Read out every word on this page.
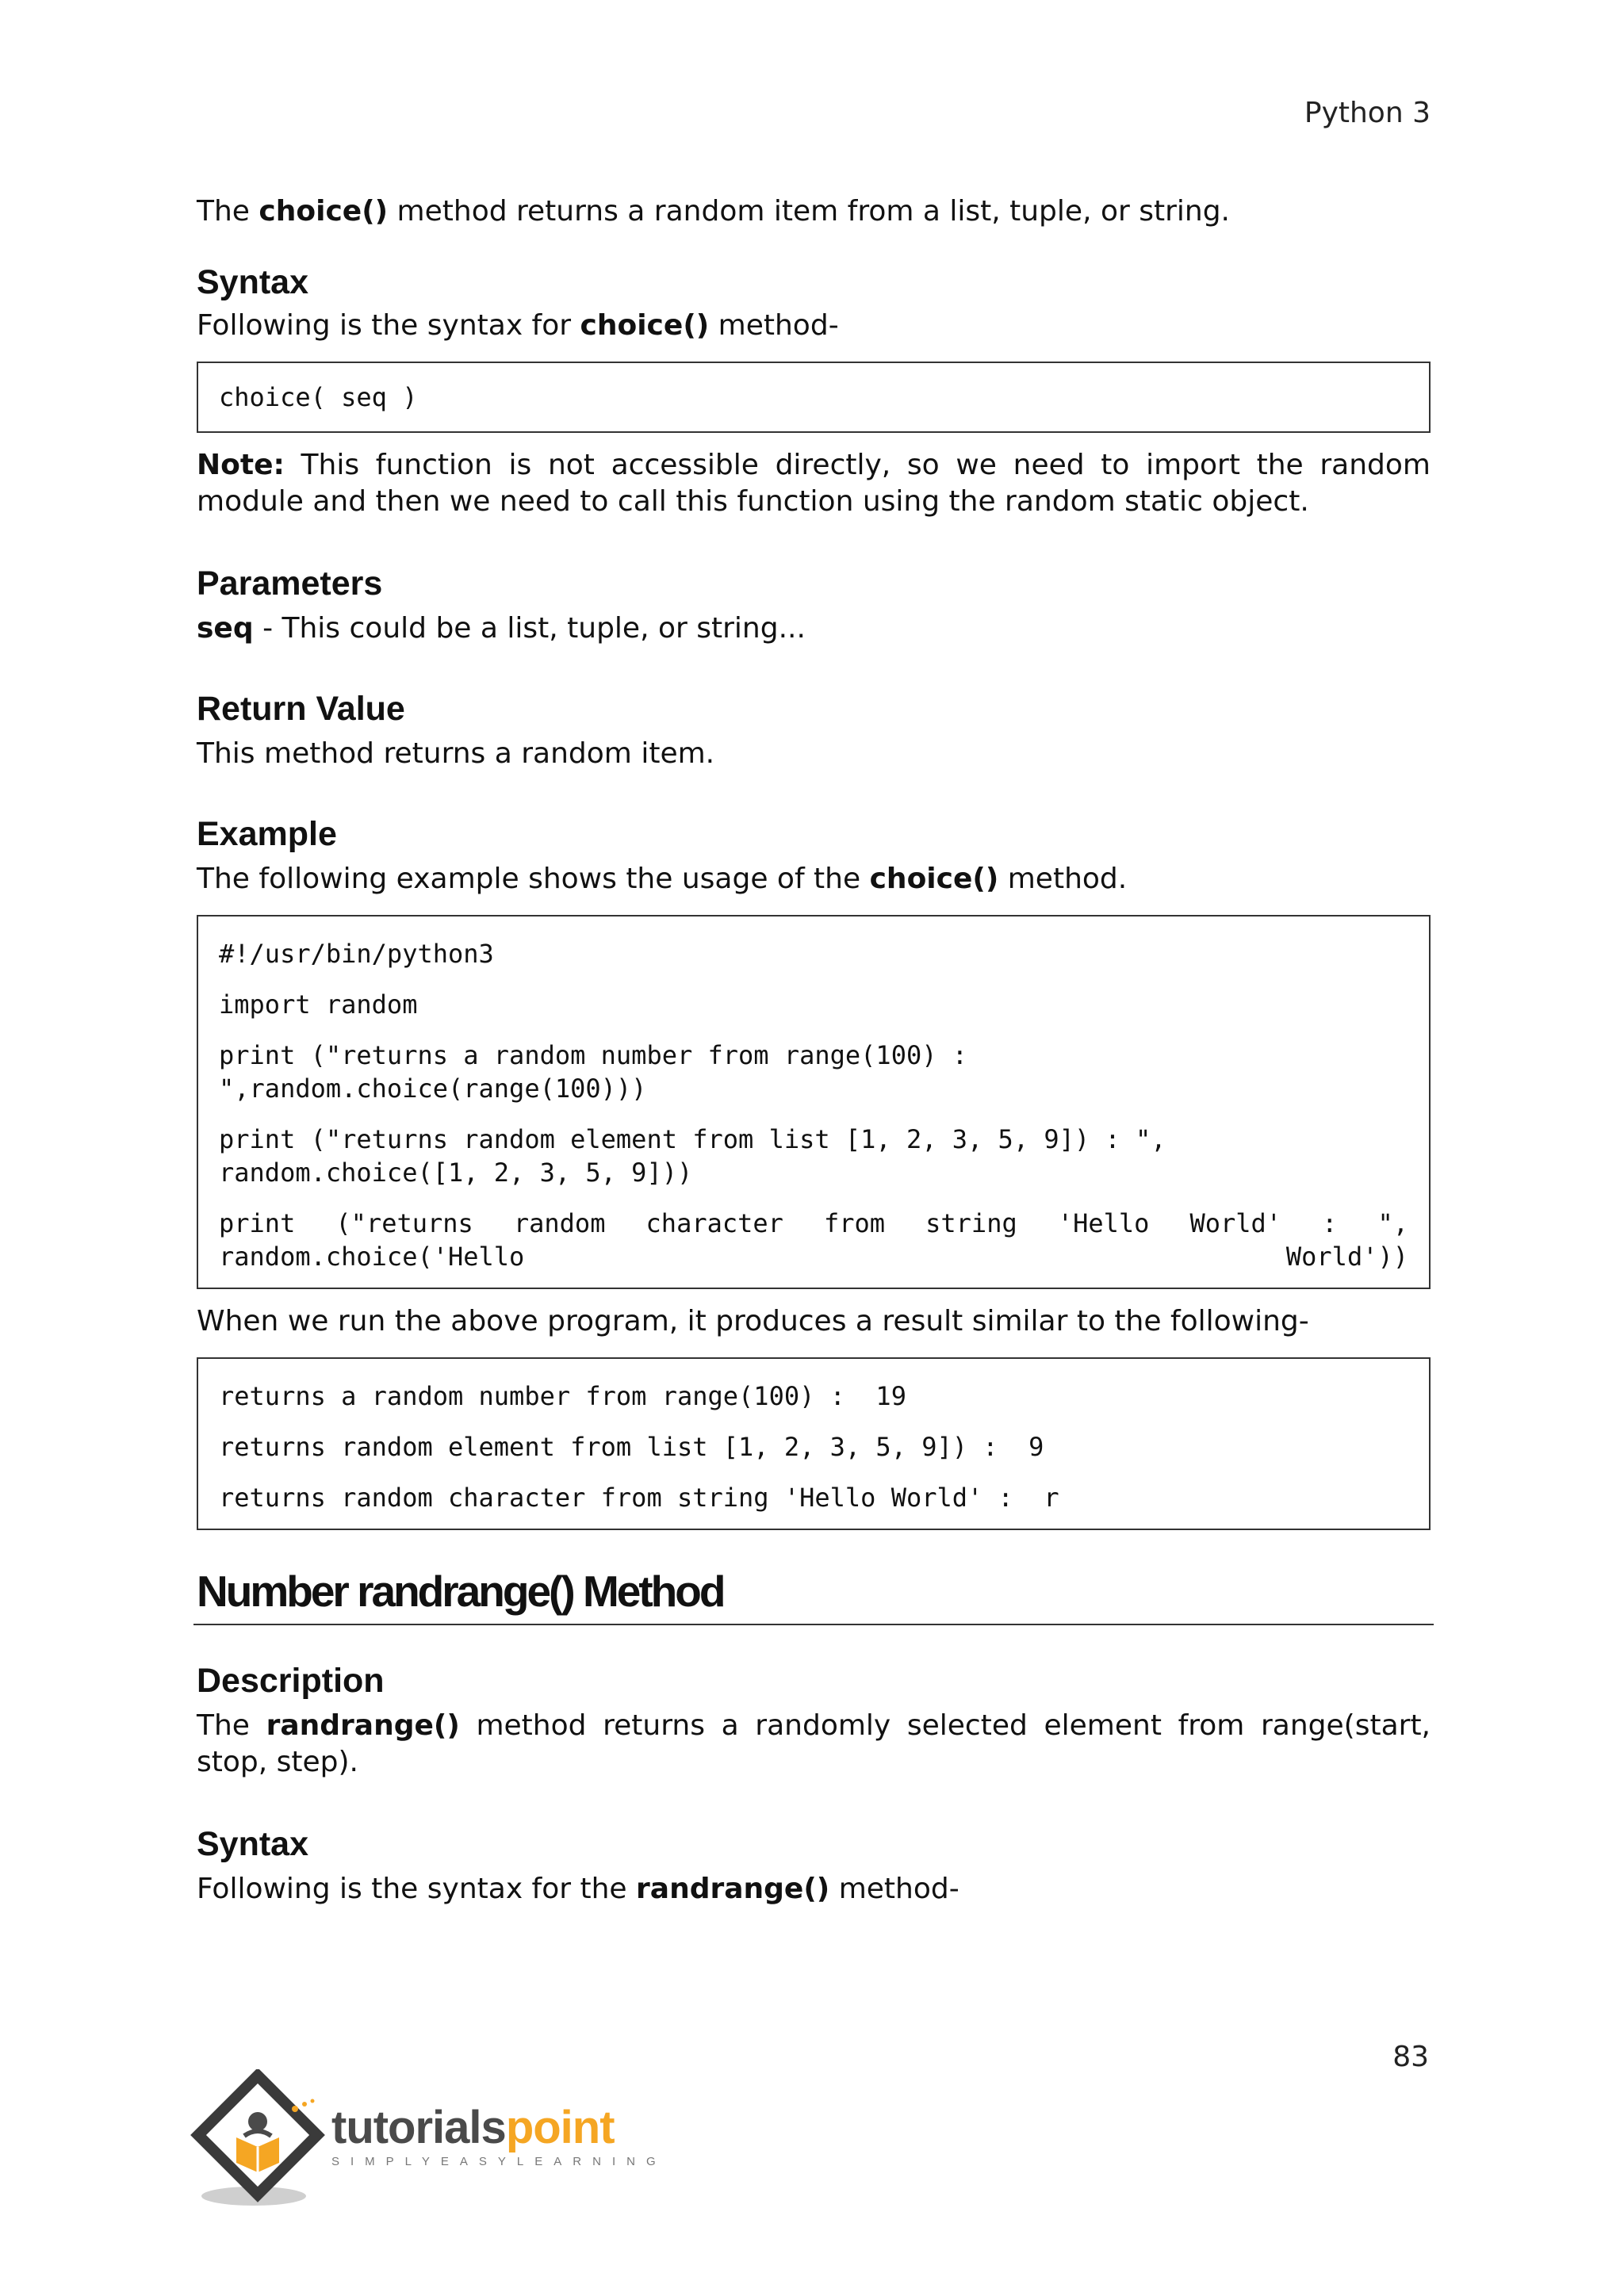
Python 3

The choice() method returns a random item from a list, tuple, or string.

Syntax

Following is the syntax for choice() method-

choice( seq )

Note: This function is not accessible directly, so we need to import the random module and then we need to call this function using the random static object.

Parameters

seq - This could be a list, tuple, or string...

Return Value

This method returns a random item.

Example

The following example shows the usage of the choice() method.

#!/usr/bin/python3
import random
print ("returns a random number from range(100) : ",random.choice(range(100)))
print ("returns random element from list [1, 2, 3, 5, 9]) : ", random.choice([1, 2, 3, 5, 9]))
print  ("returns  random  character  from  string  'Hello  World'  :  ", random.choice('Hello World'))

When we run the above program, it produces a result similar to the following-

returns a random number from range(100) :  19
returns random element from list [1, 2, 3, 5, 9]) :  9
returns random character from string 'Hello World' :  r
Number randrange() Method
Description

The randrange() method returns a randomly selected element from range(start, stop, step).

Syntax

Following is the syntax for the randrange() method-

83
tutorialspoint
SIMPLYEASYLEARNING
